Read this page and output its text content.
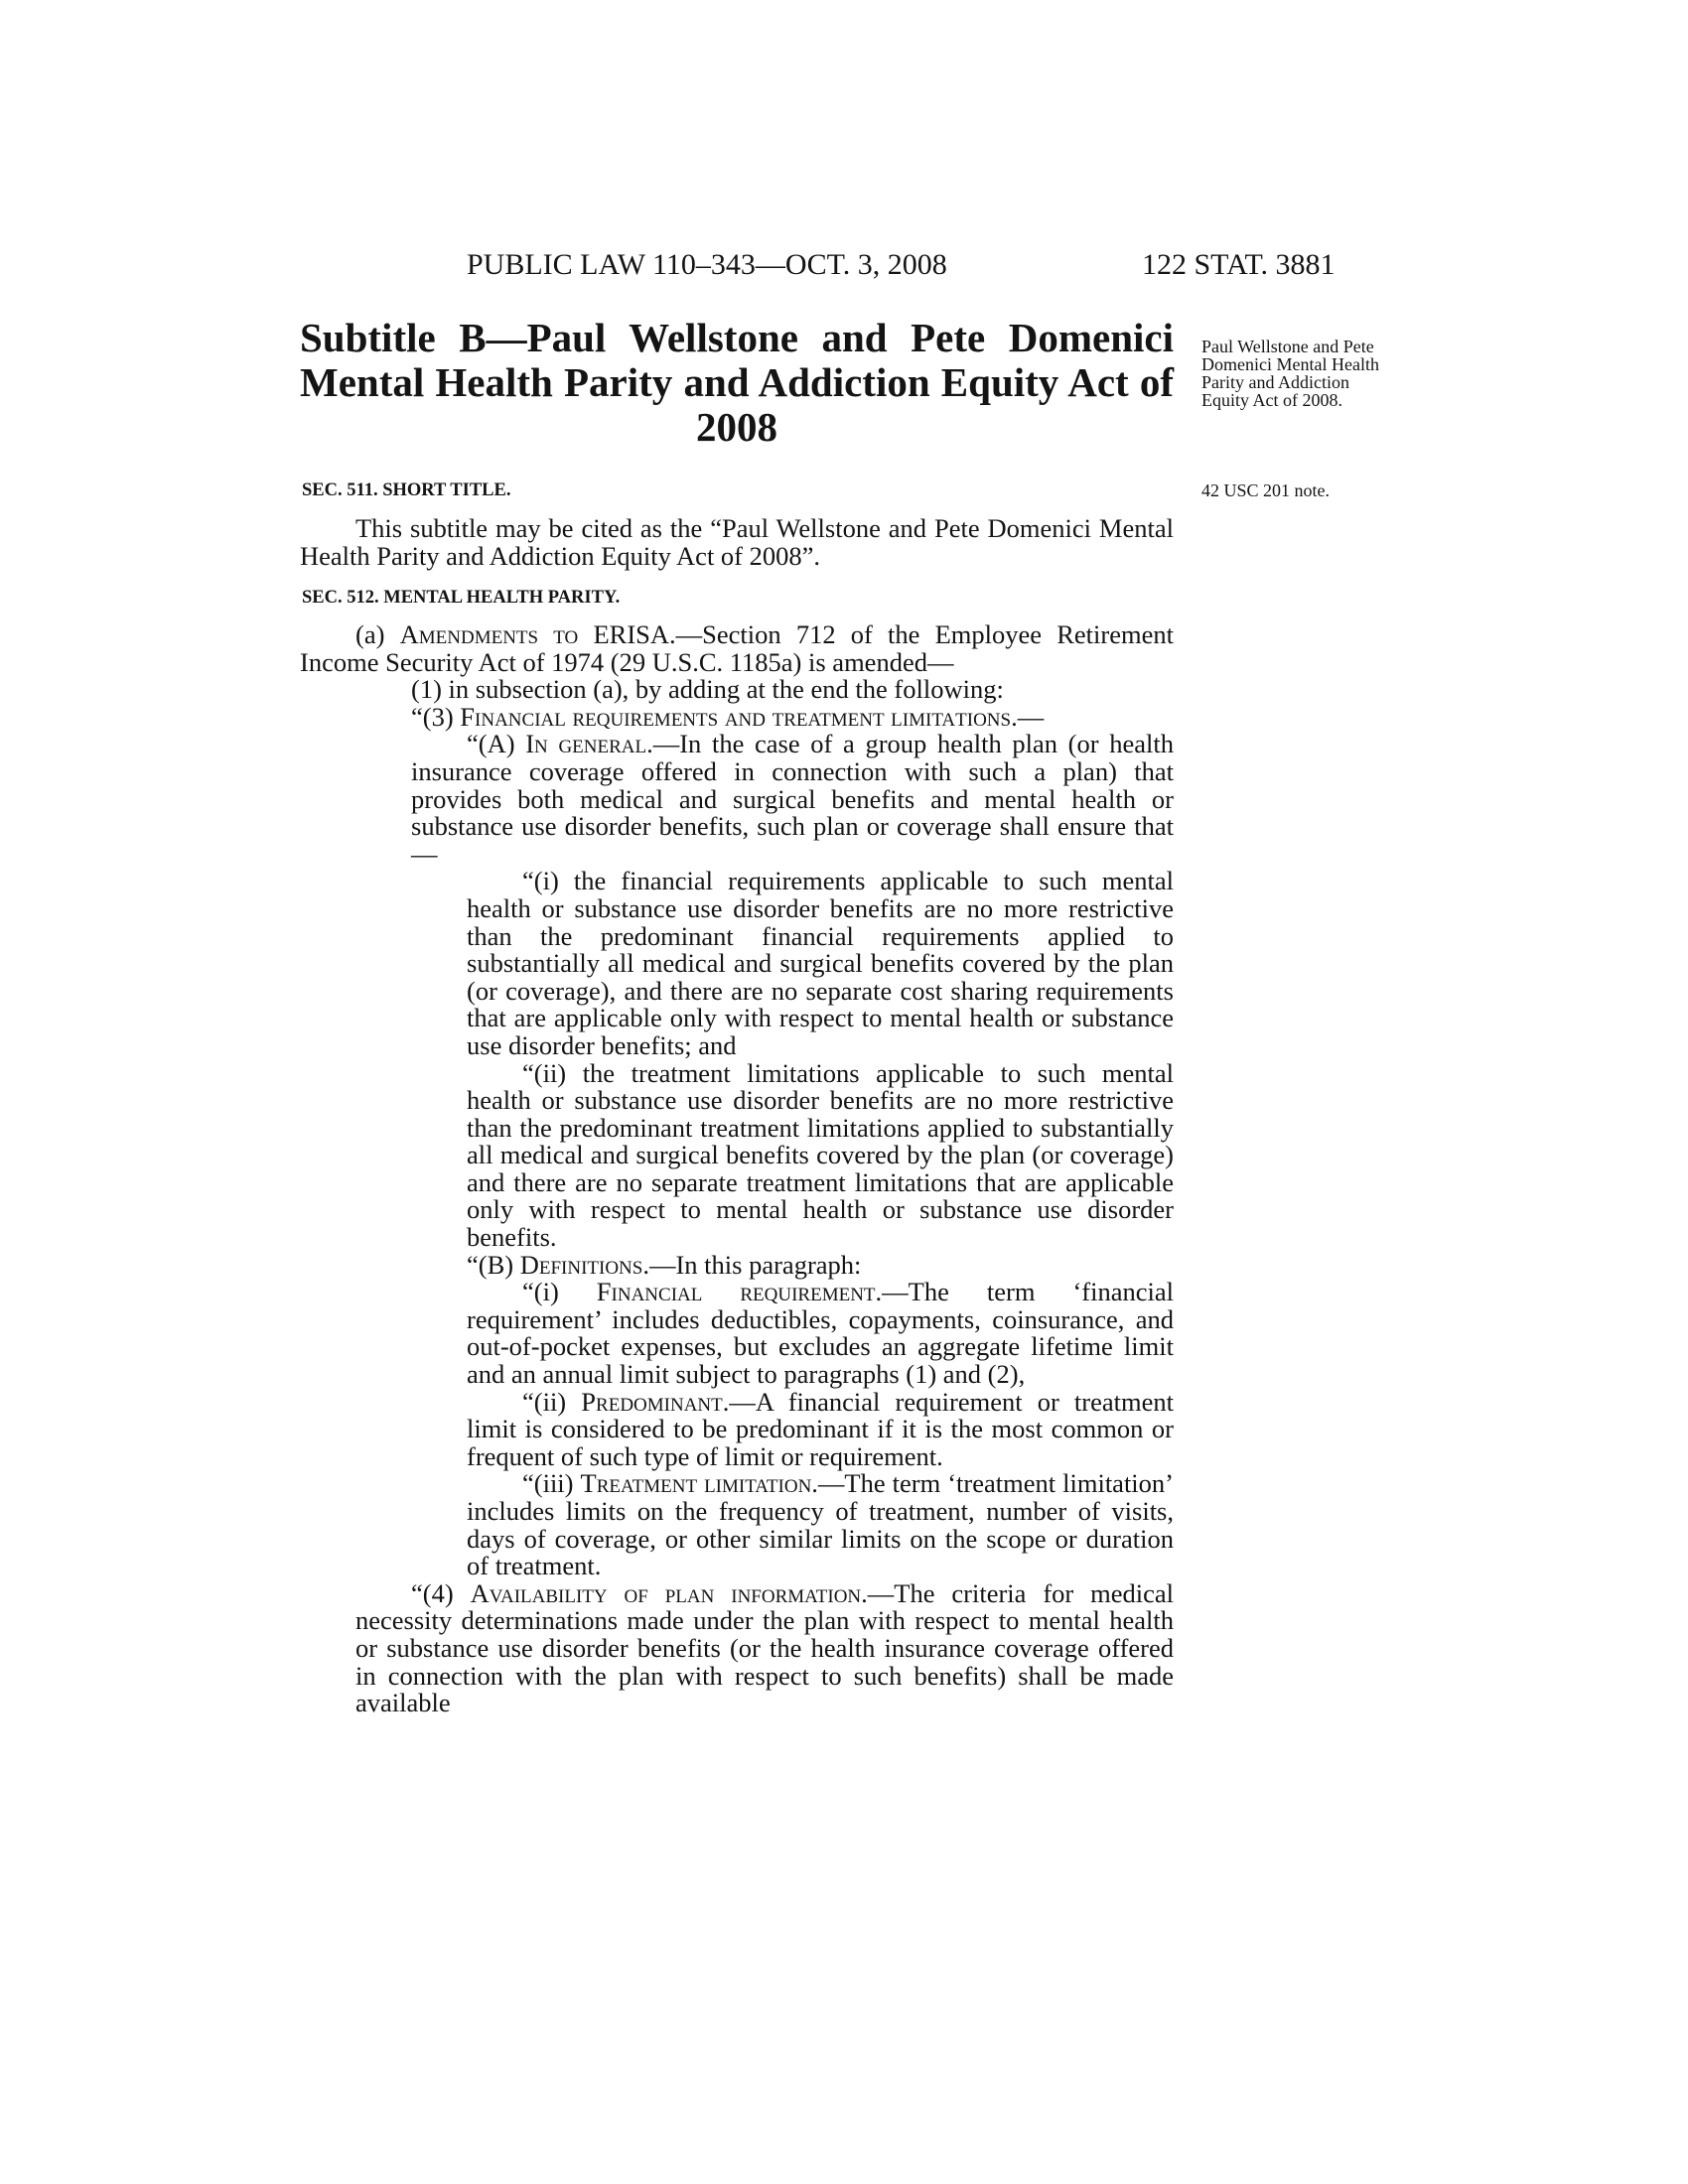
PUBLIC LAW 110–343—OCT. 3, 2008	122 STAT. 3881
Subtitle B—Paul Wellstone and Pete Domenici Mental Health Parity and Addiction Equity Act of 2008
Paul Wellstone and Pete Domenici Mental Health Parity and Addiction Equity Act of 2008.
42 USC 201 note.
SEC. 511. SHORT TITLE.

This subtitle may be cited as the “Paul Wellstone and Pete Domenici Mental Health Parity and Addiction Equity Act of 2008”.

SEC. 512. MENTAL HEALTH PARITY.

(a) Amendments to ERISA.—Section 712 of the Employee Retirement Income Security Act of 1974 (29 U.S.C. 1185a) is amended—

(1) in subsection (a), by adding at the end the following:

“(3) Financial requirements and treatment limitations.—

“(A) In general.—In the case of a group health plan (or health insurance coverage offered in connection with such a plan) that provides both medical and surgical benefits and mental health or substance use disorder benefits, such plan or coverage shall ensure that—

“(i) the financial requirements applicable to such mental health or substance use disorder benefits are no more restrictive than the predominant financial requirements applied to substantially all medical and surgical benefits covered by the plan (or coverage), and there are no separate cost sharing requirements that are applicable only with respect to mental health or substance use disorder benefits; and

“(ii) the treatment limitations applicable to such mental health or substance use disorder benefits are no more restrictive than the predominant treatment limitations applied to substantially all medical and surgical benefits covered by the plan (or coverage) and there are no separate treatment limitations that are applicable only with respect to mental health or substance use disorder benefits.

“(B) Definitions.—In this paragraph:

“(i) Financial requirement.—The term ‘financial requirement’ includes deductibles, copayments, coinsurance, and out-of-pocket expenses, but excludes an aggregate lifetime limit and an annual limit subject to paragraphs (1) and (2),

“(ii) Predominant.—A financial requirement or treatment limit is considered to be predominant if it is the most common or frequent of such type of limit or requirement.

“(iii) Treatment limitation.—The term ‘treatment limitation’ includes limits on the frequency of treatment, number of visits, days of coverage, or other similar limits on the scope or duration of treatment.

“(4) Availability of plan information.—The criteria for medical necessity determinations made under the plan with respect to mental health or substance use disorder benefits (or the health insurance coverage offered in connection with the plan with respect to such benefits) shall be made available
